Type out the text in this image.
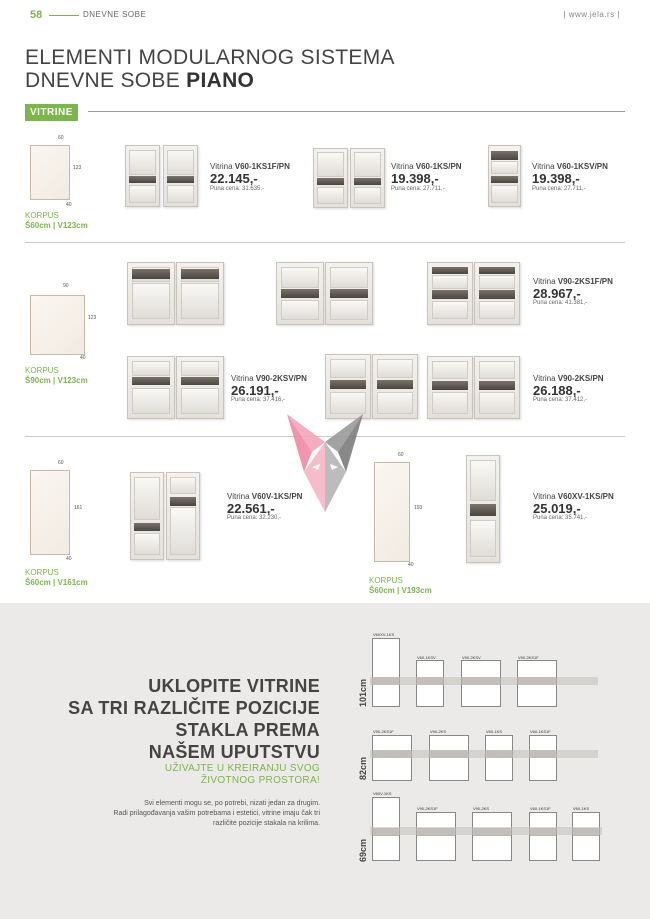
58	DNEVNE SOBE	| www.jela.rs |
ELEMENTI MODULARNOG SISTEMA
DNEVNE SOBE PIANO
VITRINE
60
123
40
KORPUS
Š60cm | V123cm
Vitrina V60-1KS1F/PN
22.145,-
Puna cena: 31.635,-
Vitrina V60-1KS/PN
19.398,-
Puna cena: 27.711,-
Vitrina V60-1KSV/PN
19.398,-
Puna cena: 27.711,-
90
123
40
KORPUS
Š90cm | V123cm
Vitrina V90-2KS1F/PN
28.967,-
Puna cena: 41.381,-
Vitrina V90-2KSV/PN
26.191,-
Puna cena: 37.416,-
Vitrina V90-2KS/PN
26.188,-
Puna cena: 37.412,-
60
161
40
KORPUS
Š60cm | V161cm
Vitrina V60V-1KS/PN
22.561,-
Puna cena: 32.230,-
60
193
40
KORPUS
Š60cm | V193cm
Vitrina V60XV-1KS/PN
25.019,-
Puna cena: 35.741,-
UKLOPITE VITRINE
SA TRI RAZLIČITE POZICIJE
STAKLA PREMA
NAŠEM UPUTSTVU
UŽIVAJTE U KREIRANJU SVOG
ŽIVOTNOG PROSTORA!
Svi elementi mogu se, po potrebi, nizati jedan za drugim.
Radi prilagođavanja vašim potrebama i estetici, vitrine imaju čak tri
različite pozicije stakala na krilima.
101cm
82cm
69cm
V60XV-1KS
V60-1KSV	V90-2KSV	V90-2KS1F
V90-2KS1F	V90-2KS	V60-1KS	V60-1KS1F
V60V-1KS
V90-2KS1F	V90-2KS	V60-1KS1F	V60-1KS
